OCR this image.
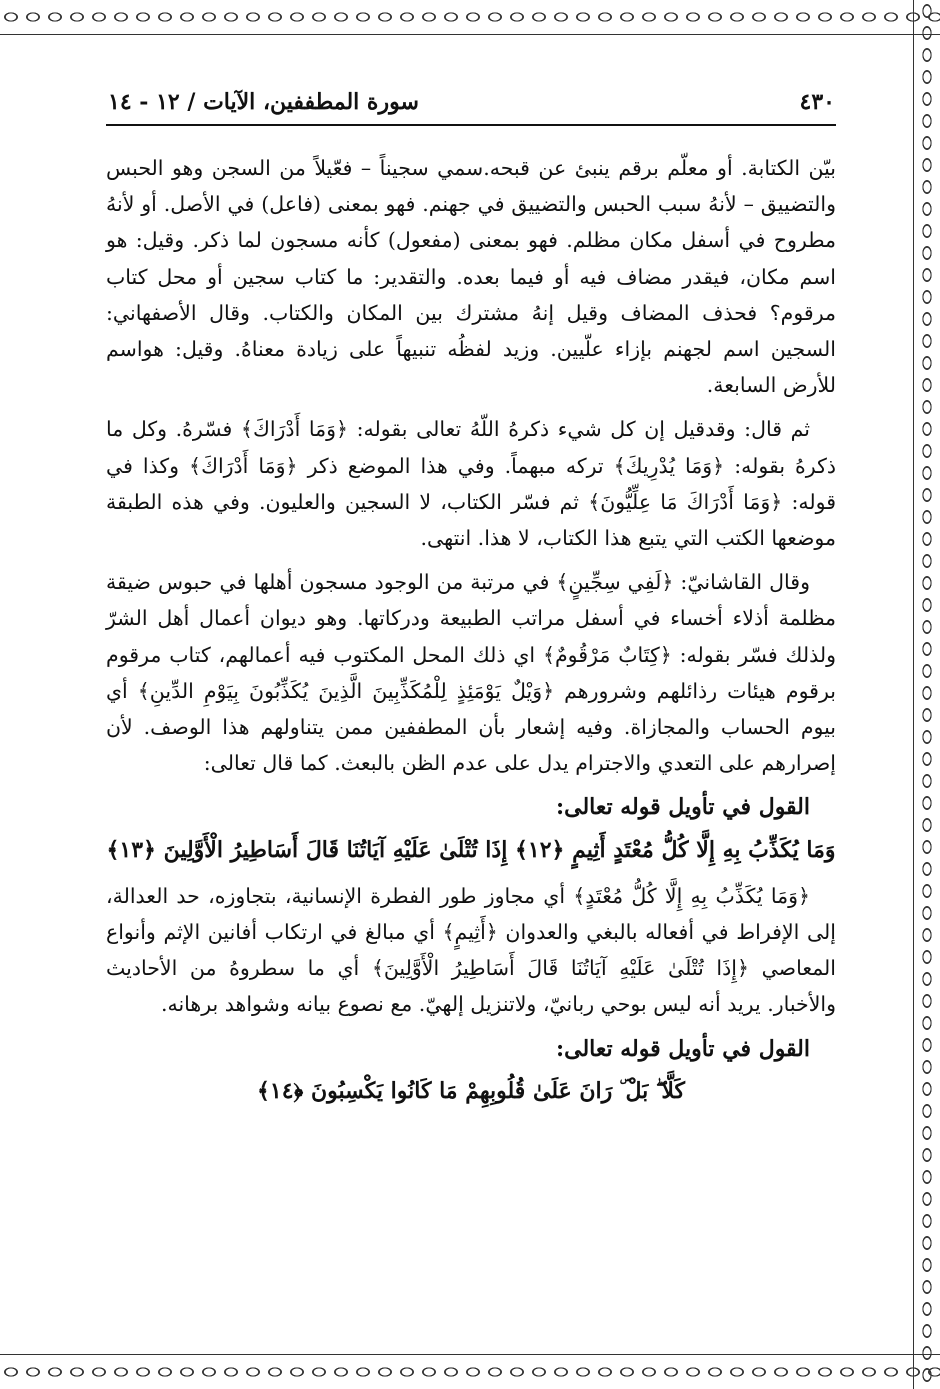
٤٣٠
سورة المطففين، الآيات / ١٢ - ١٤

بيّن الكتابة. أو معلّم برقم ينبئ عن قبحه.سمي سجيناً – فعّيلاً من السجن وهو الحبس والتضييق – لأنهُ سبب الحبس والتضييق في جهنم. فهو بمعنى (فاعل) في الأصل. أو لأنهُ مطروح في أسفل مكان مظلم. فهو بمعنى (مفعول) كأنه مسجون لما ذكر. وقيل: هو اسم مكان، فيقدر مضاف فيه أو فيما بعده. والتقدير: ما كتاب سجين أو محل كتاب مرقوم؟ فحذف المضاف وقيل إنهُ مشترك بين المكان والكتاب. وقال الأصفهاني: السجين اسم لجهنم بإزاء علّيين. وزيد لفظُه تنبيهاً على زيادة معناهُ. وقيل: هواسم للأرض السابعة.

ثم قال: وقدقيل إن كل شيء ذكرهُ اللّهُ تعالى بقوله: ﴿وَمَا أَدْرَاكَ﴾ فسّرهُ. وكل ما ذكرهُ بقوله: ﴿وَمَا يُدْرِيكَ﴾ تركه مبهماً. وفي هذا الموضع ذكر ﴿وَمَا أَدْرَاكَ﴾ وكذا في قوله: ﴿وَمَا أَدْرَاكَ مَا عِلِّيُّونَ﴾ ثم فسّر الكتاب، لا السجين والعليون. وفي هذه الطبقة موضعها الكتب التي يتبع هذا الكتاب، لا هذا. انتهى.

وقال القاشانيّ: ﴿لَفِي سِجِّينٍ﴾ في مرتبة من الوجود مسجون أهلها في حبوس ضيقة مظلمة أذلاء أخساء في أسفل مراتب الطبيعة ودركاتها. وهو ديوان أعمال أهل الشرّ ولذلك فسّر بقوله: ﴿كِتَابٌ مَرْقُومٌ﴾ اي ذلك المحل المكتوب فيه أعمالهم، كتاب مرقوم برقوم هيئات رذائلهم وشرورهم ﴿وَيْلٌ يَوْمَئِذٍ لِلْمُكَذِّبِينَ الَّذِينَ يُكَذِّبُونَ بِيَوْمِ الدِّينِ﴾ أي بيوم الحساب والمجازاة. وفيه إشعار بأن المطففين ممن يتناولهم هذا الوصف. لأن إصرارهم على التعدي والاجترام يدل على عدم الظن بالبعث. كما قال تعالى:

القول في تأويل قوله تعالى:

وَمَا يُكَذِّبُ بِهِ إِلَّا كُلُّ مُعْتَدٍ أَثِيمٍ ﴿١٢﴾ إِذَا تُتْلَىٰ عَلَيْهِ آيَاتُنَا قَالَ أَسَاطِيرُ الْأَوَّلِينَ ﴿١٣﴾

﴿وَمَا يُكَذِّبُ بِهِ إِلَّا كُلُّ مُعْتَدٍ﴾ أي مجاوز طور الفطرة الإنسانية، بتجاوزه، حد العدالة، إلى الإفراط في أفعاله بالبغي والعدوان ﴿أَثِيمٍ﴾ أي مبالغ في ارتكاب أفانين الإثم وأنواع المعاصي ﴿إِذَا تُتْلَىٰ عَلَيْهِ آيَاتُنَا قَالَ أَسَاطِيرُ الْأَوَّلِينَ﴾ أي ما سطروهُ من الأحاديث والأخبار. يريد أنه ليس بوحي ربانيّ، ولاتنزيل إلهيّ. مع نصوع بيانه وشواهد برهانه.

القول في تأويل قوله تعالى:

كَلَّا ۖ بَلْ ۜ رَانَ عَلَىٰ قُلُوبِهِمْ مَا كَانُوا يَكْسِبُونَ ﴿١٤﴾
